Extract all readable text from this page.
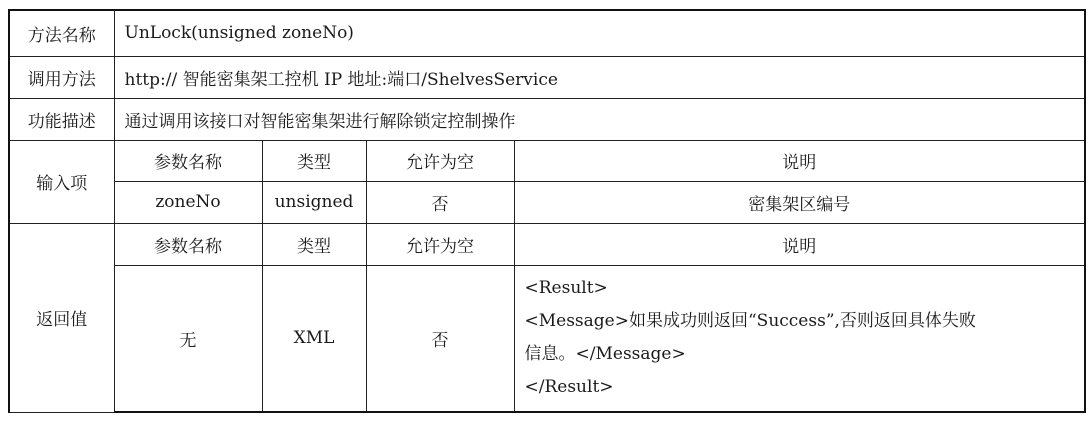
方法名称	UnLock(unsigned zoneNo)			
调用方法	http:// 智能密集架工控机 IP 地址:端口/ShelvesService			
功能描述	通过调用该接口对智能密集架进行解除锁定控制操作			
输入项	参数名称	类型	允许为空	说明
	zoneNo	unsigned	否	密集架区编号
返回值	参数名称	类型	允许为空	说明
	无	XML	否	<Result>
<Message>如果成功则返回“Success”,否则返回具体失败
信息。</Message>
</Result>
